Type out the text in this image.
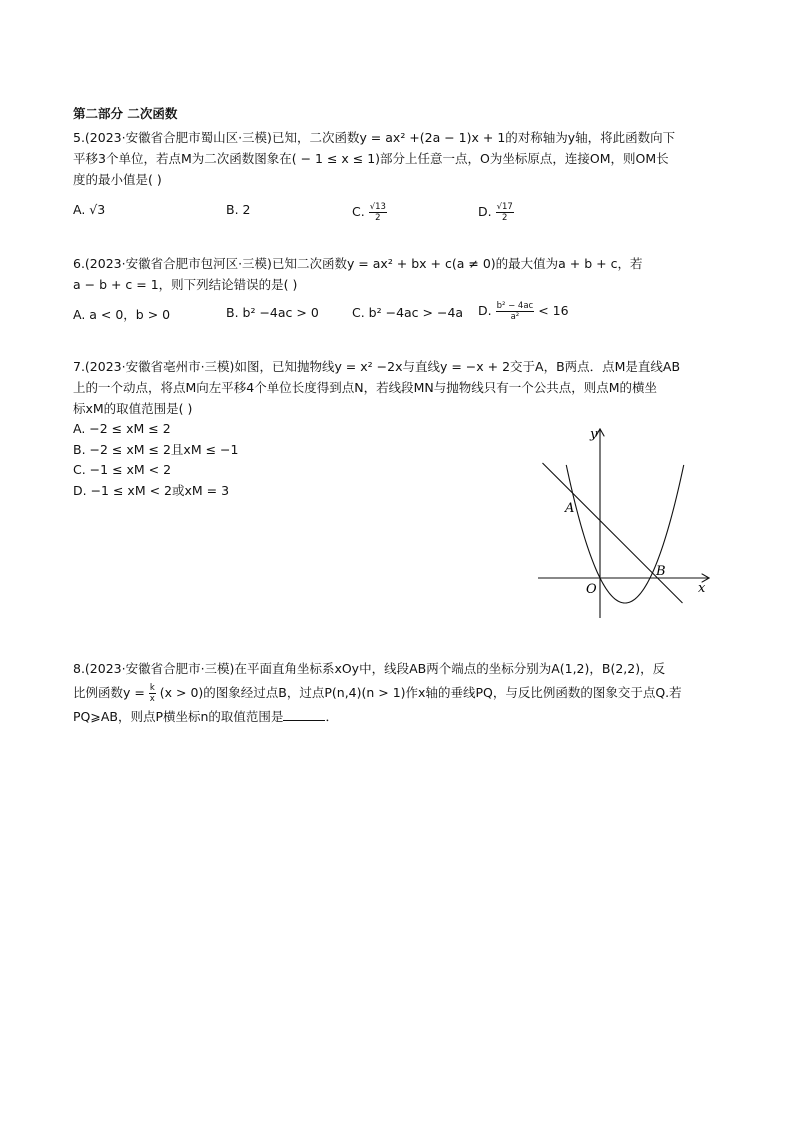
第二部分 二次函数

5.(2023·安徽省合肥市蜀山区·三模)已知，二次函数y = ax² +(2a − 1)x + 1的对称轴为y轴，将此函数向下

平移3个单位，若点M为二次函数图象在( − 1 ≤ x ≤ 1)部分上任意一点，O为坐标原点，连接OM，则OM长

度的最小值是( )

A. √3	B. 2	C. $\frac{√13}{2}$	D. $\frac{√17}{2}$

6.(2023·安徽省合肥市包河区·三模)已知二次函数y = ax² + bx + c(a ≠ 0)的最大值为a + b + c，若

a − b + c = 1，则下列结论错误的是( )

A. a < 0，b > 0	B. b² −4ac > 0	C. b² −4ac > −4a D. $\frac{\text{b² − 4ac}}{\text{a²}} < 16$

7.(2023·安徽省亳州市·三模)如图，已知抛物线y = x² −2x与直线y = −x + 2交于A，B两点．点M是直线AB

上的一个动点，将点M向左平移4个单位长度得到点N，若线段MN与抛物线只有一个公共点，则点M的横坐

标xM的取值范围是( )

A. −2 ≤ xM ≤ 2
B. −2 ≤ xM ≤ 2且xM ≤ −1
C. −1 ≤ xM < 2
D. −1 ≤ xM < 2或xM = 3
y
x
O
A
B

8.(2023·安徽省合肥市·三模)在平面直角坐标系xOy中，线段AB两个端点的坐标分别为A(1,2)，B(2,2)，反

比例函数$y = \frac{k}{x} (x > 0)$的图象经过点B，过点P(n,4)(n > 1)作x轴的垂线PQ，与反比例函数的图象交于点Q.若

PQ⩾AB，则点P横坐标n的取值范围是	．
